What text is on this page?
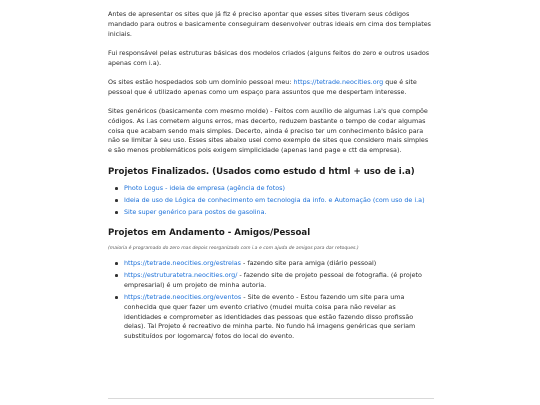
Antes de apresentar os sites que já fiz é preciso apontar que esses sites tiveram seus códigos mandado para outros e basicamente conseguiram desenvolver outras ideais em cima dos templates iniciais.

Fui responsável pelas estruturas básicas dos modelos criados (alguns feitos do zero e outros usados apenas com i.a).

Os sites estão hospedados sob um domínio pessoal meu: https://tetrade.neocities.org que é site pessoal que é utilizado apenas como um espaço para assuntos que me despertam interesse.

Sites genéricos (basicamente com mesmo molde) - Feitos com auxílio de algumas i.a's que compõe códigos. As i.as cometem alguns erros, mas decerto, reduzem bastante o tempo de codar algumas coisa que acabam sendo mais simples. Decerto, ainda é preciso ter um conhecimento básico para não se limitar à seu uso. Esses sites abaixo usei como exemplo de sites que considero mais simples e são menos problemáticos pois exigem simplicidade (apenas land page e ctt da empresa).

Projetos Finalizados. (Usados como estudo d html + uso de i.a)
Photo Logus - ideia de empresa (agência de fotos)
Ideia de uso de Lógica de conhecimento em tecnologia da info. e Automação (com uso de i.a)
Site super genérico para postos de gasolina.
Projetos em Andamento - Amigos/Pessoal

(maioria é programado do zero mas depois reorganizado com i.a e com ajuda de amigos para dar retoques.)

https://tetrade.neocities.org/estrelas - fazendo site para amiga (diário pessoal)
https://estruturatetra.neocities.org/ - fazendo site de projeto pessoal de fotografia. (é projeto empresarial) é um projeto de minha autoria.
https://tetrade.neocities.org/eventos - Site de evento - Estou fazendo um site para uma conhecida que quer fazer um evento criativo (mudei muita coisa para não revelar as identidades e comprometer as identidades das pessoas que estão fazendo disso profissão delas). Tal Projeto é recreativo de minha parte. No fundo há imagens genéricas que seriam substituídos por logomarca/ fotos do local do evento.
